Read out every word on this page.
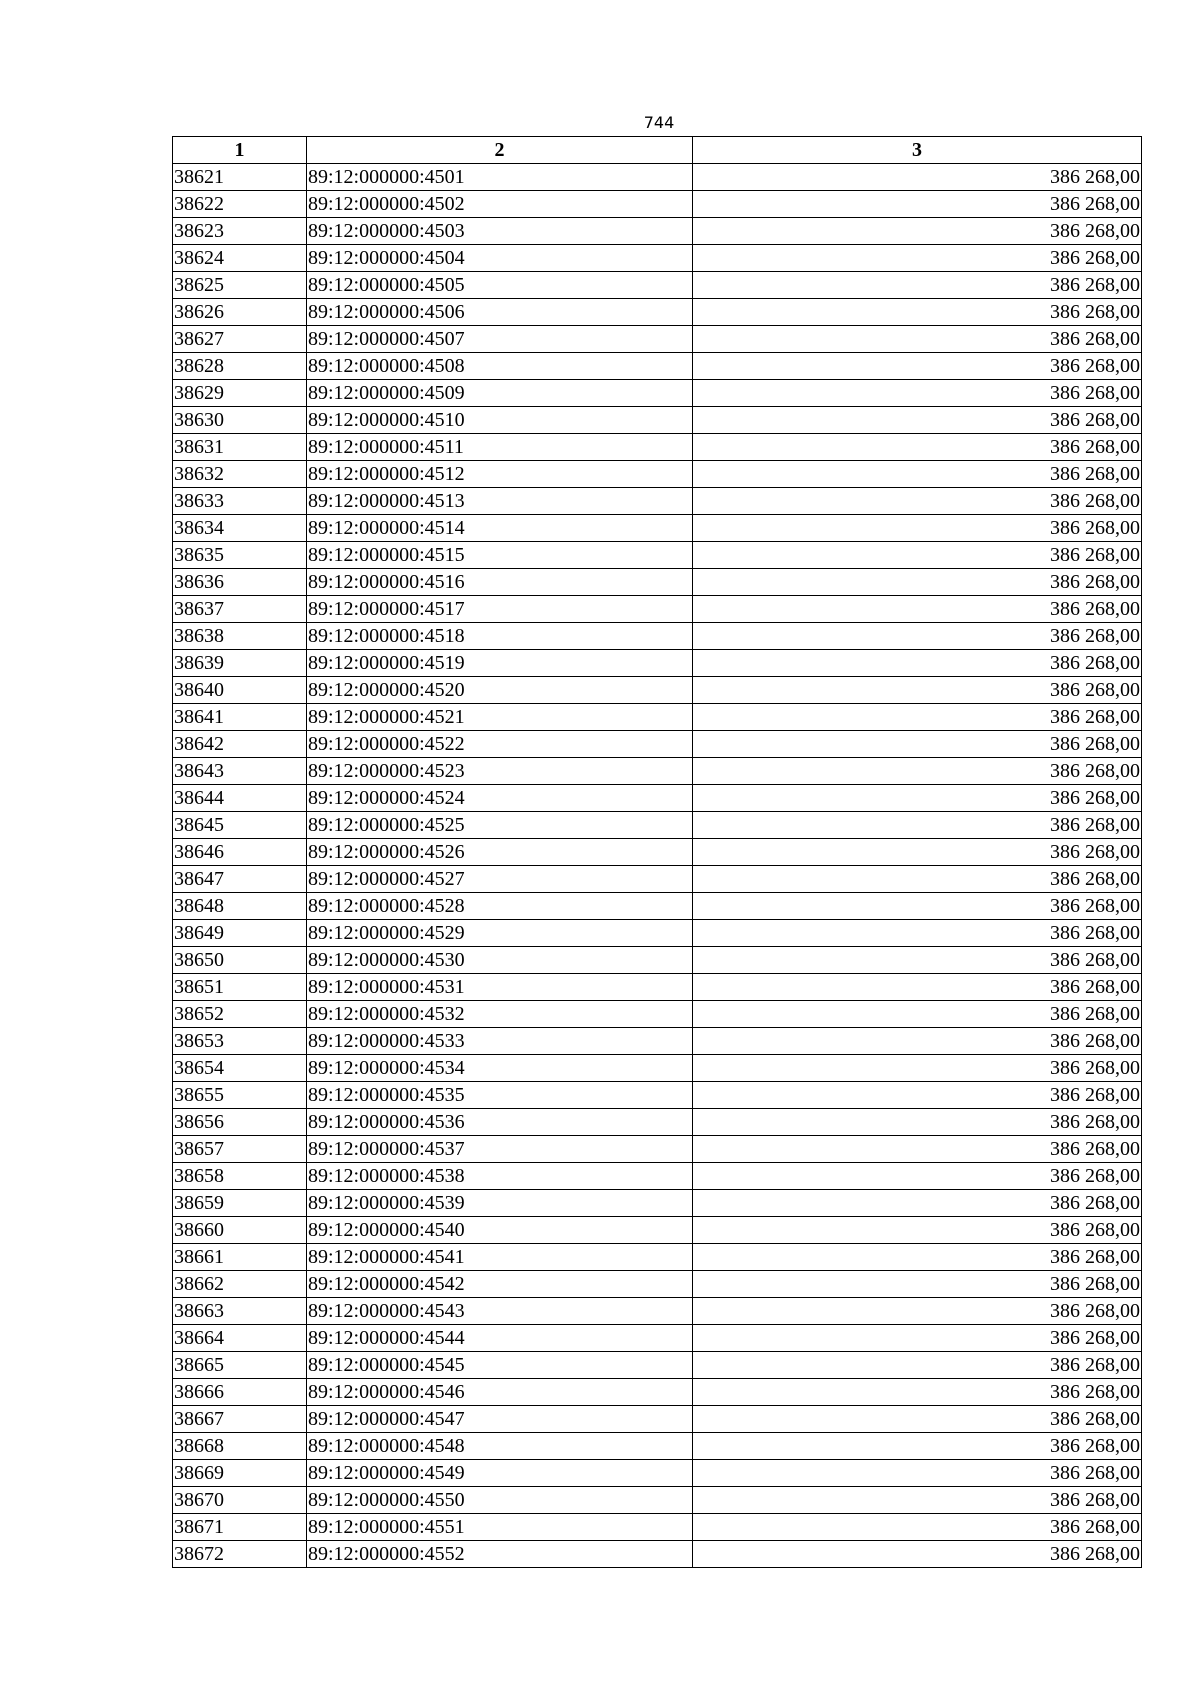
744
1	2	3
38621	89:12:000000:4501	386 268,00
38622	89:12:000000:4502	386 268,00
38623	89:12:000000:4503	386 268,00
38624	89:12:000000:4504	386 268,00
38625	89:12:000000:4505	386 268,00
38626	89:12:000000:4506	386 268,00
38627	89:12:000000:4507	386 268,00
38628	89:12:000000:4508	386 268,00
38629	89:12:000000:4509	386 268,00
38630	89:12:000000:4510	386 268,00
38631	89:12:000000:4511	386 268,00
38632	89:12:000000:4512	386 268,00
38633	89:12:000000:4513	386 268,00
38634	89:12:000000:4514	386 268,00
38635	89:12:000000:4515	386 268,00
38636	89:12:000000:4516	386 268,00
38637	89:12:000000:4517	386 268,00
38638	89:12:000000:4518	386 268,00
38639	89:12:000000:4519	386 268,00
38640	89:12:000000:4520	386 268,00
38641	89:12:000000:4521	386 268,00
38642	89:12:000000:4522	386 268,00
38643	89:12:000000:4523	386 268,00
38644	89:12:000000:4524	386 268,00
38645	89:12:000000:4525	386 268,00
38646	89:12:000000:4526	386 268,00
38647	89:12:000000:4527	386 268,00
38648	89:12:000000:4528	386 268,00
38649	89:12:000000:4529	386 268,00
38650	89:12:000000:4530	386 268,00
38651	89:12:000000:4531	386 268,00
38652	89:12:000000:4532	386 268,00
38653	89:12:000000:4533	386 268,00
38654	89:12:000000:4534	386 268,00
38655	89:12:000000:4535	386 268,00
38656	89:12:000000:4536	386 268,00
38657	89:12:000000:4537	386 268,00
38658	89:12:000000:4538	386 268,00
38659	89:12:000000:4539	386 268,00
38660	89:12:000000:4540	386 268,00
38661	89:12:000000:4541	386 268,00
38662	89:12:000000:4542	386 268,00
38663	89:12:000000:4543	386 268,00
38664	89:12:000000:4544	386 268,00
38665	89:12:000000:4545	386 268,00
38666	89:12:000000:4546	386 268,00
38667	89:12:000000:4547	386 268,00
38668	89:12:000000:4548	386 268,00
38669	89:12:000000:4549	386 268,00
38670	89:12:000000:4550	386 268,00
38671	89:12:000000:4551	386 268,00
38672	89:12:000000:4552	386 268,00
